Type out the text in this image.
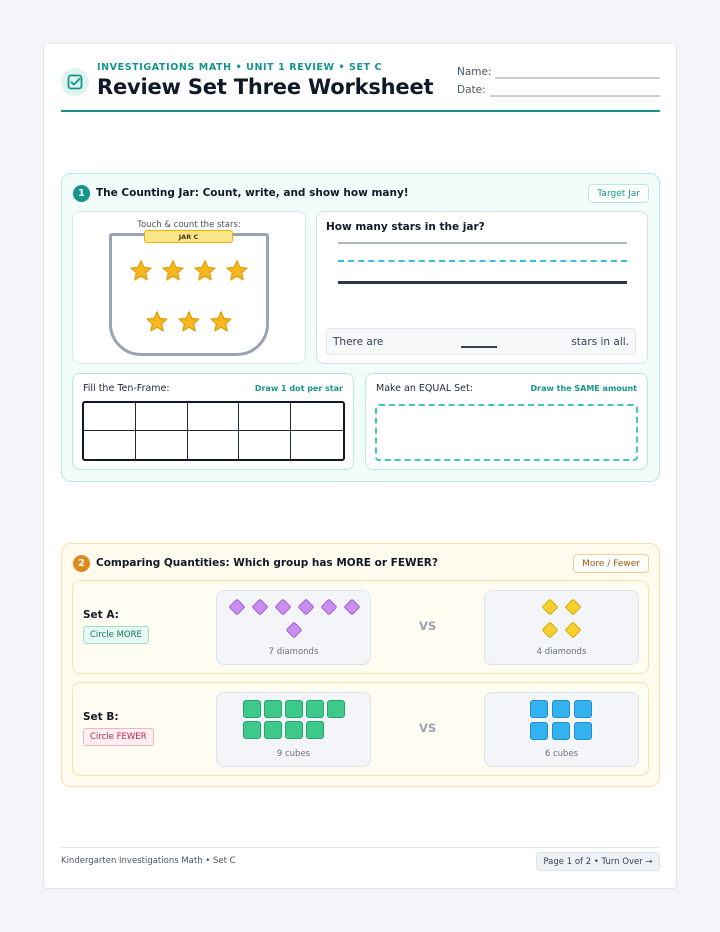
INVESTIGATIONS MATH • UNIT 1 REVIEW • SET C
Review Set Three Worksheet
Name:
Date:
1	The Counting Jar: Count, write, and show how many!	Target Jar
Touch & count the stars:
JAR C
How many stars in the jar?
There are	stars in all.
Fill the Ten-Frame:	Draw 1 dot per star	Make an EQUAL Set:	Draw the SAME amount
2	Comparing Quantities: Which group has MORE or FEWER?	More / Fewer
Set A:
Circle MORE
7 diamonds
VS
4 diamonds
Set B:
Circle FEWER
9 cubes
VS
6 cubes
Kindergarten Investigations Math • Set C	Page 1 of 2 • Turn Over →
